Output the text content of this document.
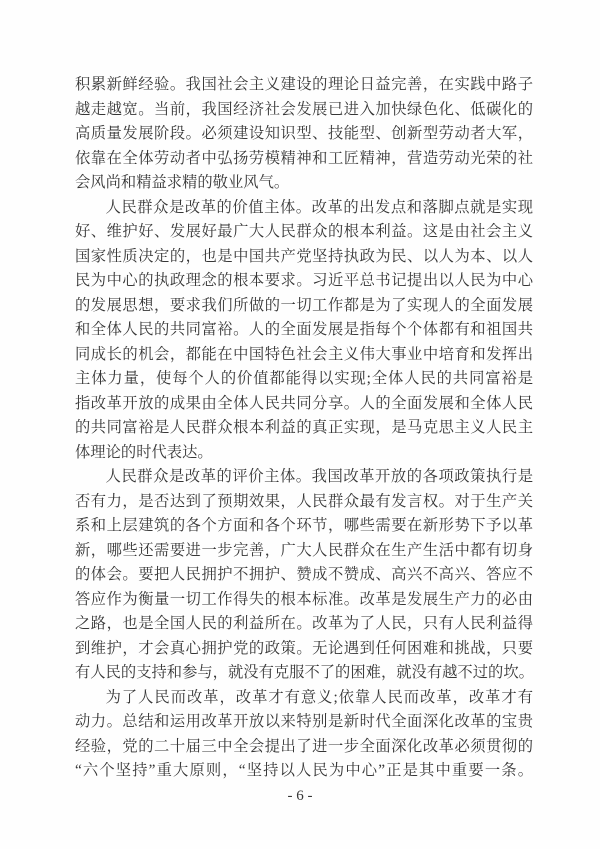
积累新鲜经验。我国社会主义建设的理论日益完善，在实践中路子
越走越宽。当前，我国经济社会发展已进入加快绿色化、低碳化的
高质量发展阶段。必须建设知识型、技能型、创新型劳动者大军，
依靠在全体劳动者中弘扬劳模精神和工匠精神，营造劳动光荣的社
会风尚和精益求精的敬业风气。
人民群众是改革的价值主体。改革的出发点和落脚点就是实现
好、维护好、发展好最广大人民群众的根本利益。这是由社会主义
国家性质决定的，也是中国共产党坚持执政为民、以人为本、以人
民为中心的执政理念的根本要求。习近平总书记提出以人民为中心
的发展思想，要求我们所做的一切工作都是为了实现人的全面发展
和全体人民的共同富裕。人的全面发展是指每个个体都有和祖国共
同成长的机会，都能在中国特色社会主义伟大事业中培育和发挥出
主体力量，使每个人的价值都能得以实现;全体人民的共同富裕是
指改革开放的成果由全体人民共同分享。人的全面发展和全体人民
的共同富裕是人民群众根本利益的真正实现，是马克思主义人民主
体理论的时代表达。
人民群众是改革的评价主体。我国改革开放的各项政策执行是
否有力，是否达到了预期效果，人民群众最有发言权。对于生产关
系和上层建筑的各个方面和各个环节，哪些需要在新形势下予以革
新，哪些还需要进一步完善，广大人民群众在生产生活中都有切身
的体会。要把人民拥护不拥护、赞成不赞成、高兴不高兴、答应不
答应作为衡量一切工作得失的根本标准。改革是发展生产力的必由
之路，也是全国人民的利益所在。改革为了人民，只有人民利益得
到维护，才会真心拥护党的政策。无论遇到任何困难和挑战，只要
有人民的支持和参与，就没有克服不了的困难，就没有越不过的坎。
为了人民而改革，改革才有意义;依靠人民而改革，改革才有
动力。总结和运用改革开放以来特别是新时代全面深化改革的宝贵
经验，党的二十届三中全会提出了进一步全面深化改革必须贯彻的
“六个坚持”重大原则，“坚持以人民为中心”正是其中重要一条。
- 6 -
